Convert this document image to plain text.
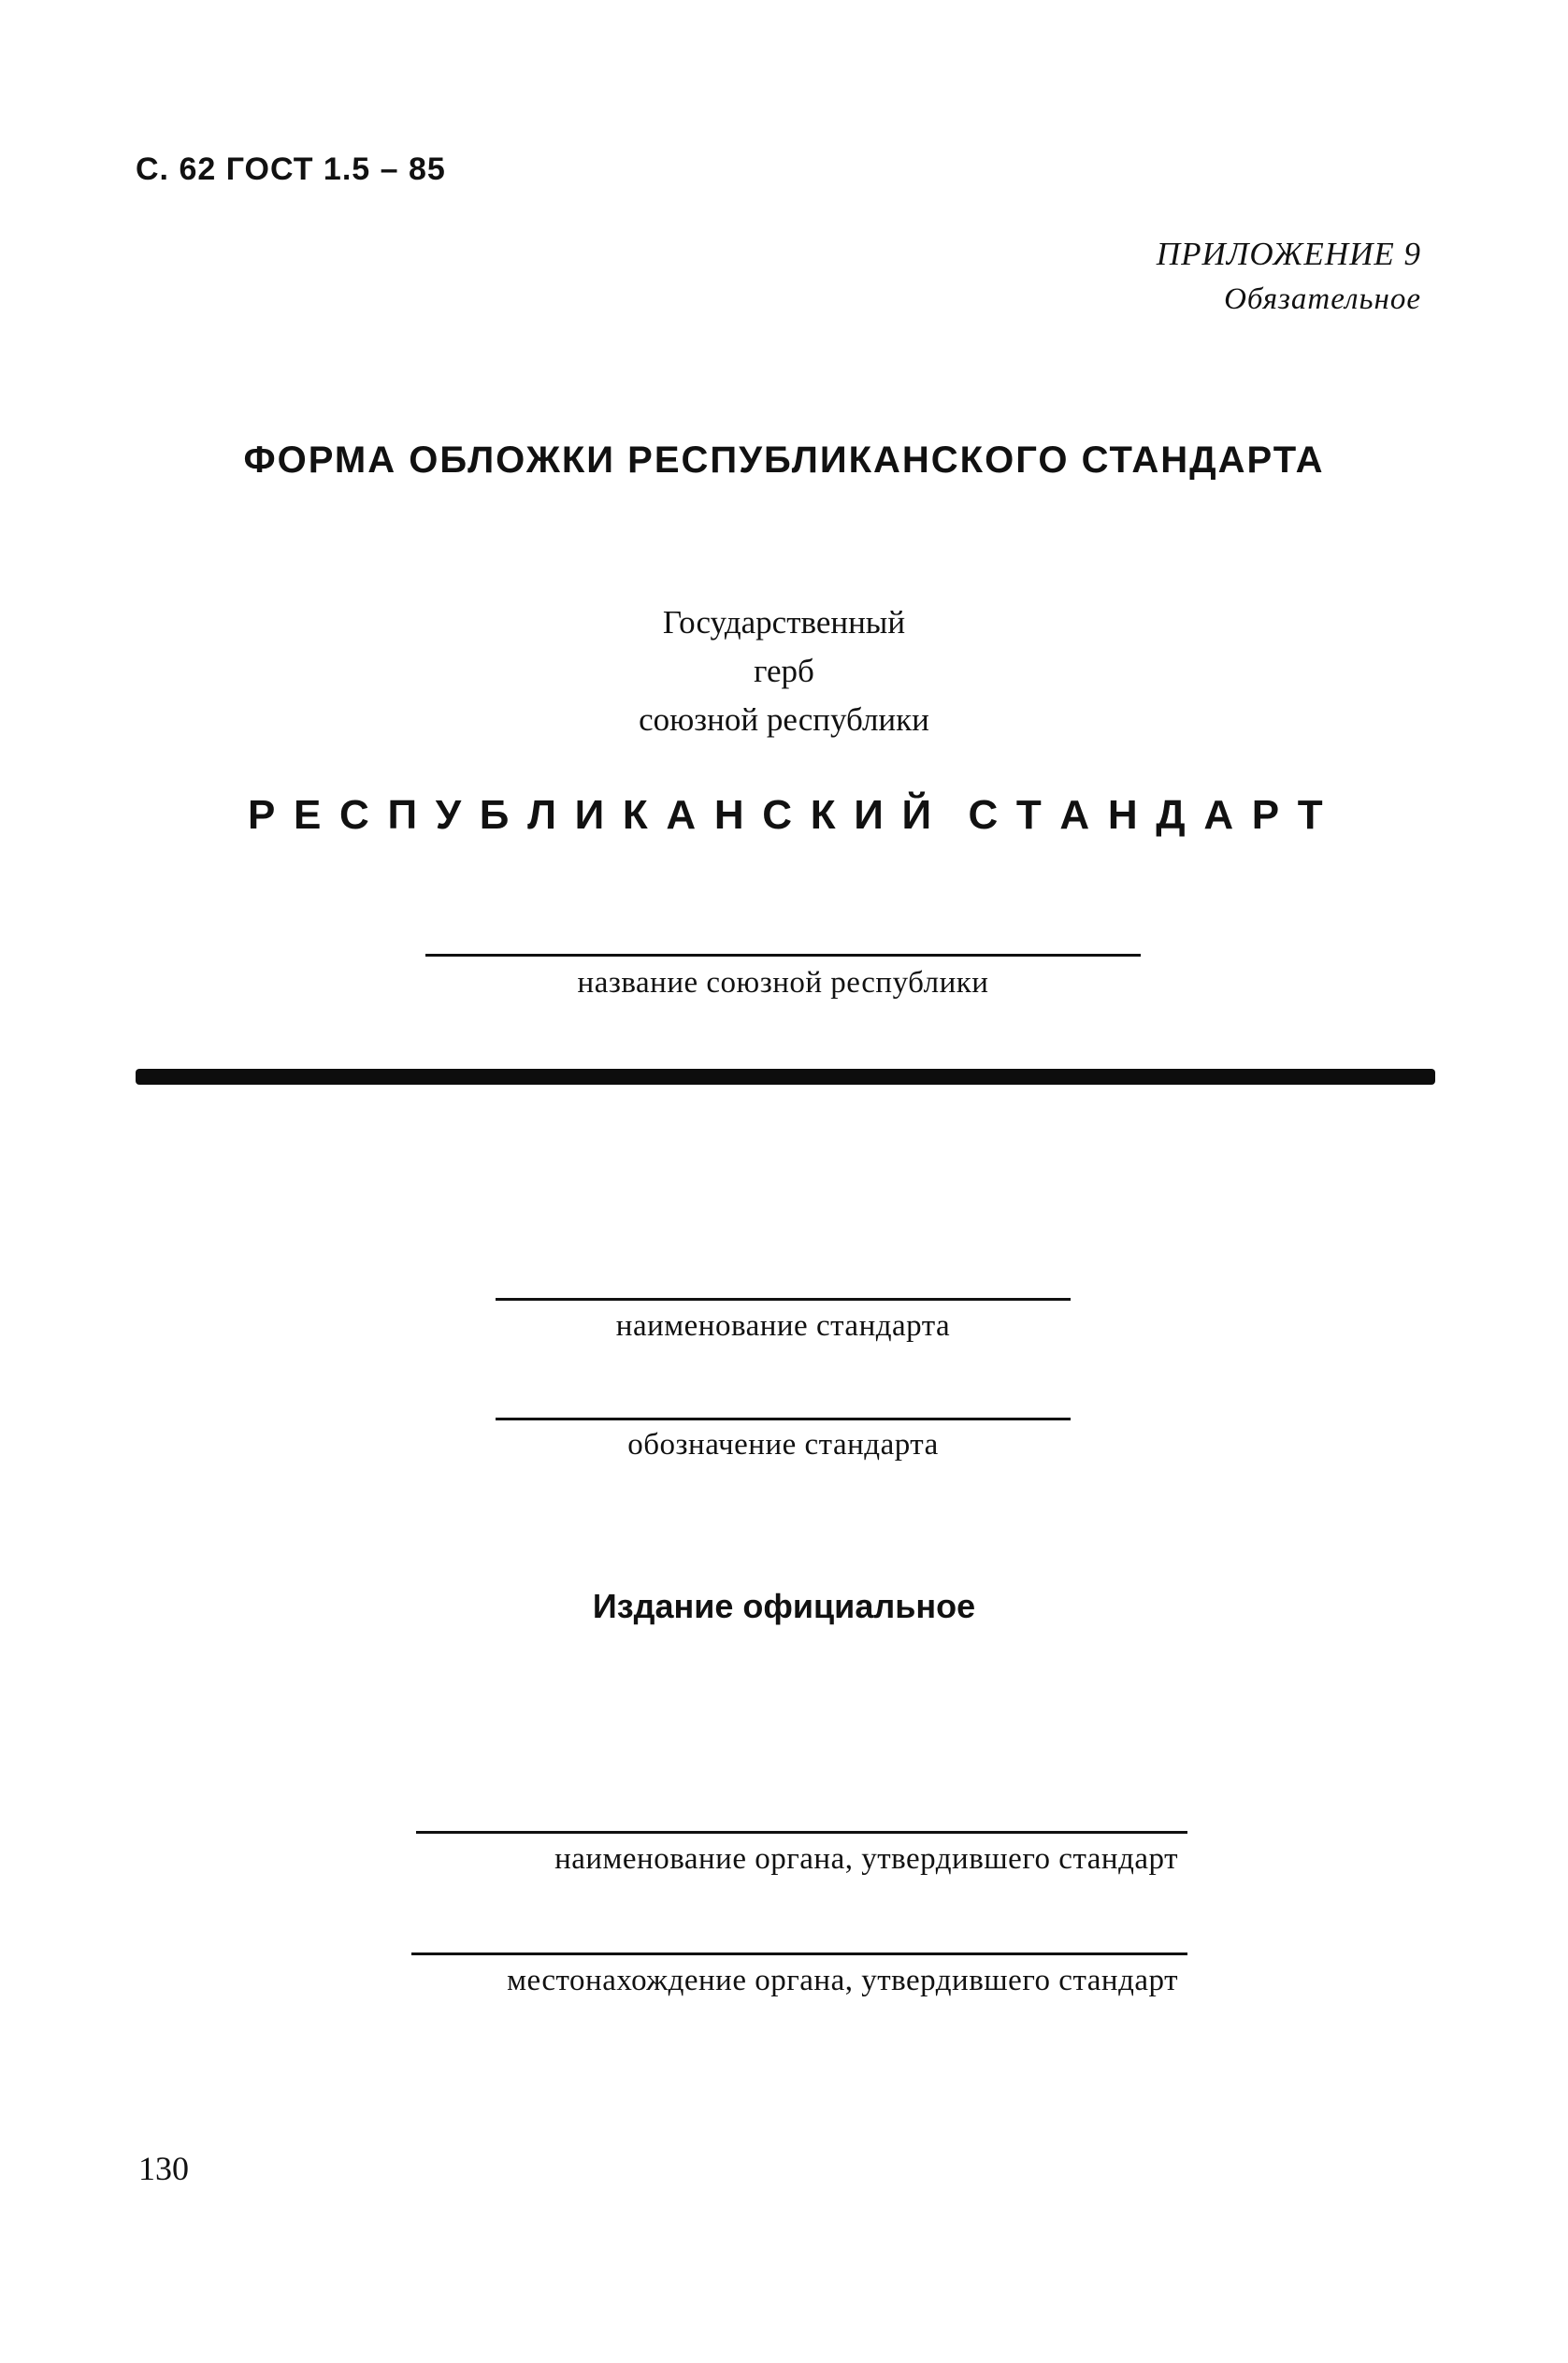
С. 62 ГОСТ 1.5 – 85
ПРИЛОЖЕНИЕ 9
Обязательное
ФОРМА ОБЛОЖКИ РЕСПУБЛИКАНСКОГО СТАНДАРТА
Государственный
герб
союзной республики
Р Е С П У Б Л И К А Н С К И Й С Т А Н Д А Р Т
название союзной республики
наименование стандарта
обозначение стандарта
Издание официальное
наименование органа, утвердившего стандарт
местонахождение органа, утвердившего стандарт
130
